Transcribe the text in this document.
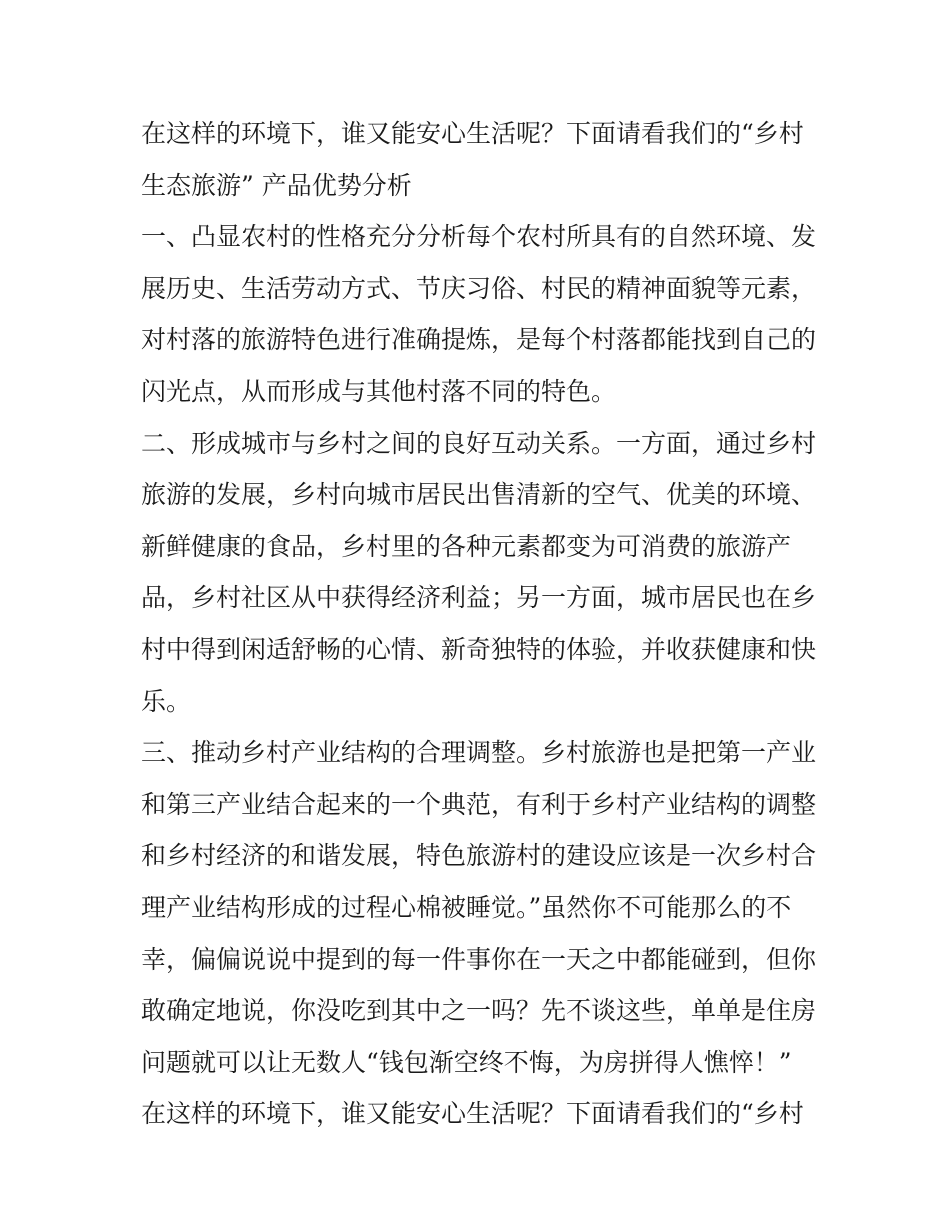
在这样的环境下，谁又能安心生活呢？下面请看我们的“乡村
生态旅游” 产品优势分析
一、凸显农村的性格充分分析每个农村所具有的自然环境、发
展历史、生活劳动方式、节庆习俗、村民的精神面貌等元素，
对村落的旅游特色进行准确提炼，是每个村落都能找到自己的
闪光点，从而形成与其他村落不同的特色。
二、形成城市与乡村之间的良好互动关系。一方面，通过乡村
旅游的发展，乡村向城市居民出售清新的空气、优美的环境、
新鲜健康的食品，乡村里的各种元素都变为可消费的旅游产
品，乡村社区从中获得经济利益；另一方面，城市居民也在乡
村中得到闲适舒畅的心情、新奇独特的体验，并收获健康和快
乐。
三、推动乡村产业结构的合理调整。乡村旅游也是把第一产业
和第三产业结合起来的一个典范，有利于乡村产业结构的调整
和乡村经济的和谐发展，特色旅游村的建设应该是一次乡村合
理产业结构形成的过程心棉被睡觉。”虽然你不可能那么的不
幸，偏偏说说中提到的每一件事你在一天之中都能碰到，但你
敢确定地说，你没吃到其中之一吗？先不谈这些，单单是住房
问题就可以让无数人“钱包渐空终不悔，为房拼得人憔悴！”
在这样的环境下，谁又能安心生活呢？下面请看我们的“乡村
